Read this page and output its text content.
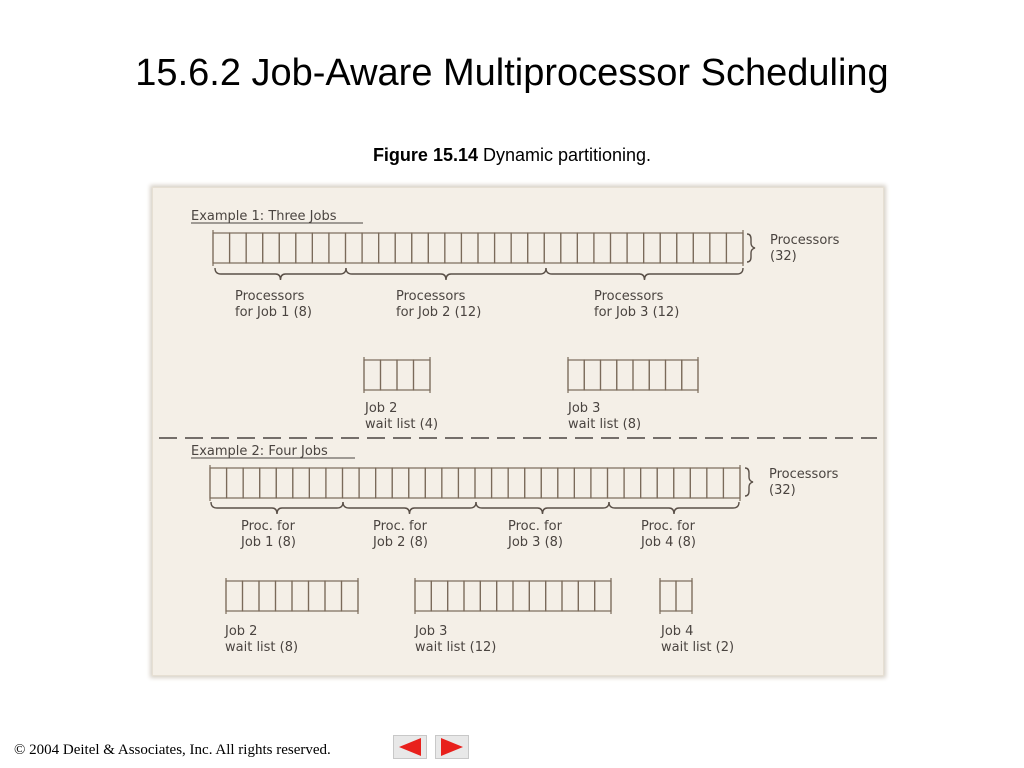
15.6.2 Job-Aware Multiprocessor Scheduling
Figure 15.14 Dynamic partitioning.
Example 1: Three Jobs
Processors
(32)
Processors
for Job 1 (8)
Processors
for Job 2 (12)
Processors
for Job 3 (12)
Job 2
wait list (4)
Job 3
wait list (8)
Example 2: Four Jobs
Processors
(32)
Proc. for
Job 1 (8)
Proc. for
Job 2 (8)
Proc. for
Job 3 (8)
Proc. for
Job 4 (8)
Job 2
wait list (8)
Job 3
wait list (12)
Job 4
wait list (2)
© 2004 Deitel & Associates, Inc. All rights reserved.
